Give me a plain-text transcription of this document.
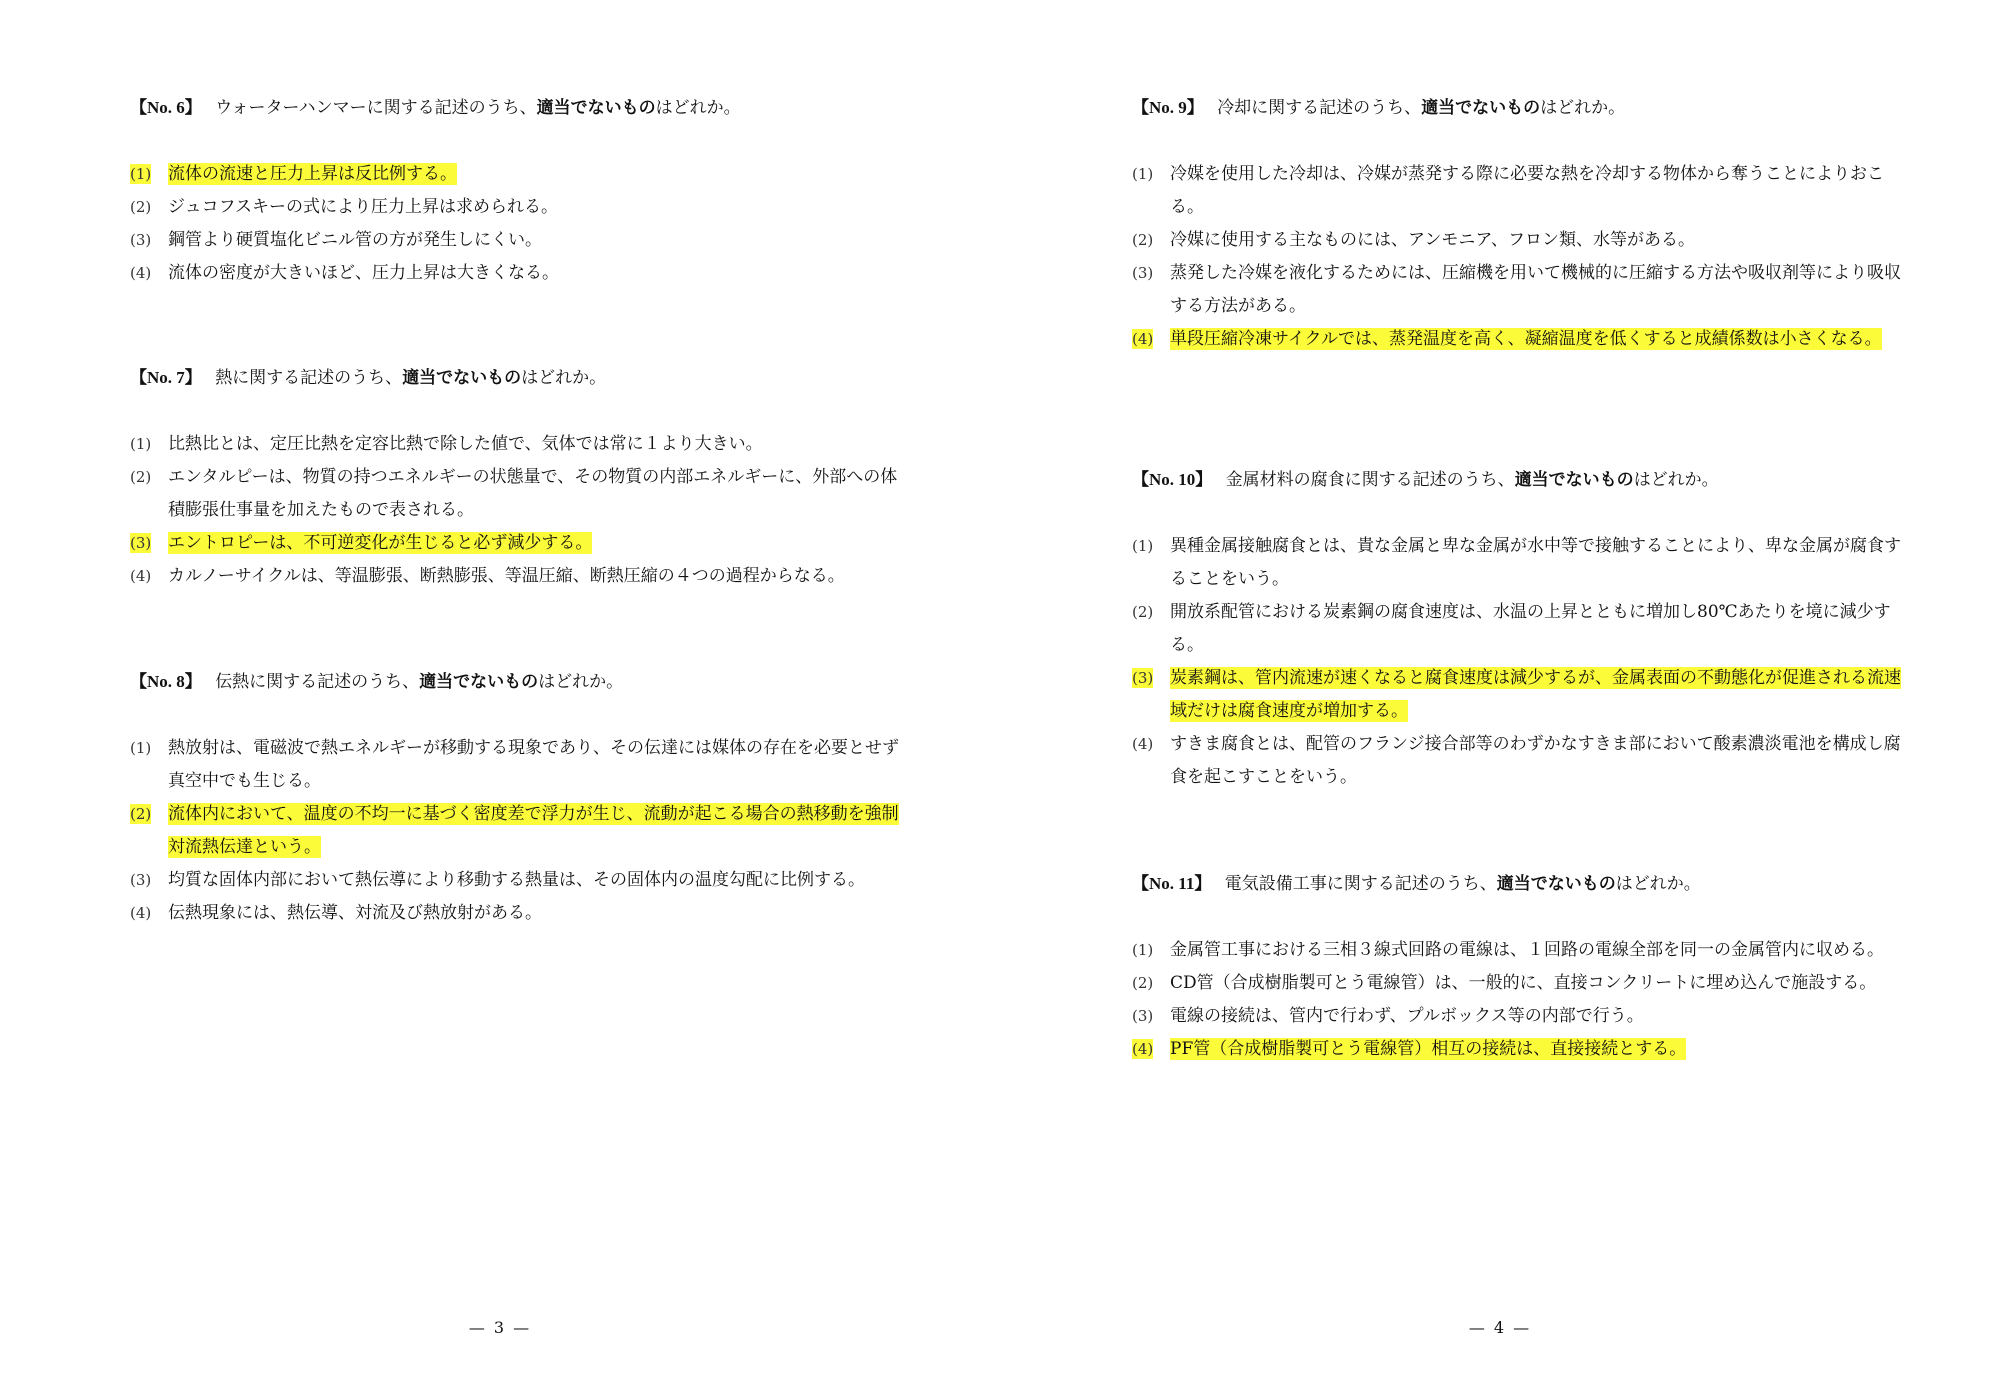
【No. 6】 ウォーターハンマーに関する記述のうち、適当でないものはどれか。
(1) 流体の流速と圧力上昇は反比例する。
(2) ジュコフスキーの式により圧力上昇は求められる。
(3) 鋼管より硬質塩化ビニル管の方が発生しにくい。
(4) 流体の密度が大きいほど、圧力上昇は大きくなる。
【No. 7】 熱に関する記述のうち、適当でないものはどれか。
(1) 比熱比とは、定圧比熱を定容比熱で除した値で、気体では常に１より大きい。
(2) エンタルピーは、物質の持つエネルギーの状態量で、その物質の内部エネルギーに、外部への体積膨張仕事量を加えたもので表される。
(3) エントロピーは、不可逆変化が生じると必ず減少する。
(4) カルノーサイクルは、等温膨張、断熱膨張、等温圧縮、断熱圧縮の４つの過程からなる。
【No. 8】 伝熱に関する記述のうち、適当でないものはどれか。
(1) 熱放射は、電磁波で熱エネルギーが移動する現象であり、その伝達には媒体の存在を必要とせず真空中でも生じる。
(2) 流体内において、温度の不均一に基づく密度差で浮力が生じ、流動が起こる場合の熱移動を強制対流熱伝達という。
(3) 均質な固体内部において熱伝導により移動する熱量は、その固体内の温度勾配に比例する。
(4) 伝熱現象には、熱伝導、対流及び熱放射がある。
— 3 —
【No. 9】 冷却に関する記述のうち、適当でないものはどれか。
(1) 冷媒を使用した冷却は、冷媒が蒸発する際に必要な熱を冷却する物体から奪うことによりおこる。
(2) 冷媒に使用する主なものには、アンモニア、フロン類、水等がある。
(3) 蒸発した冷媒を液化するためには、圧縮機を用いて機械的に圧縮する方法や吸収剤等により吸収する方法がある。
(4) 単段圧縮冷凍サイクルでは、蒸発温度を高く、凝縮温度を低くすると成績係数は小さくなる。
【No. 10】 金属材料の腐食に関する記述のうち、適当でないものはどれか。
(1) 異種金属接触腐食とは、貴な金属と卑な金属が水中等で接触することにより、卑な金属が腐食することをいう。
(2) 開放系配管における炭素鋼の腐食速度は、水温の上昇とともに増加し80℃あたりを境に減少する。
(3) 炭素鋼は、管内流速が速くなると腐食速度は減少するが、金属表面の不動態化が促進される流速域だけは腐食速度が増加する。
(4) すきま腐食とは、配管のフランジ接合部等のわずかなすきま部において酸素濃淡電池を構成し腐食を起こすことをいう。
【No. 11】 電気設備工事に関する記述のうち、適当でないものはどれか。
(1) 金属管工事における三相３線式回路の電線は、１回路の電線全部を同一の金属管内に収める。
(2) CD管（合成樹脂製可とう電線管）は、一般的に、直接コンクリートに埋め込んで施設する。
(3) 電線の接続は、管内で行わず、プルボックス等の内部で行う。
(4) PF管（合成樹脂製可とう電線管）相互の接続は、直接接続とする。
— 4 —
